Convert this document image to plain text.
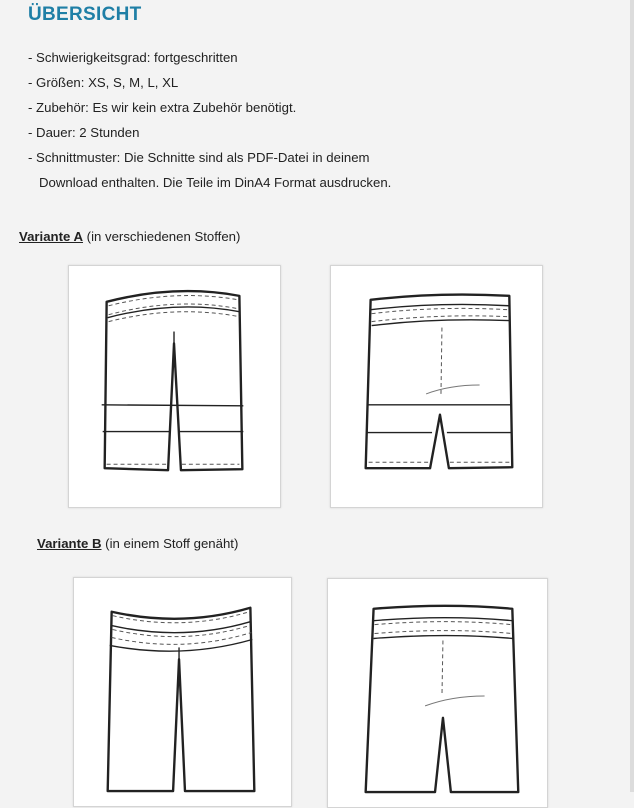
ÜBERSICHT
- Schwierigkeitsgrad: fortgeschritten
- Größen: XS, S, M, L, XL
- Zubehör: Es wir kein extra Zubehör benötigt.
- Dauer: 2 Stunden
- Schnittmuster: Die Schnitte sind als PDF-Datei in deinem
Download enthalten. Die Teile im DinA4 Format ausdrucken.
Variante A (in verschiedenen Stoffen)
Variante B (in einem Stoff genäht)
